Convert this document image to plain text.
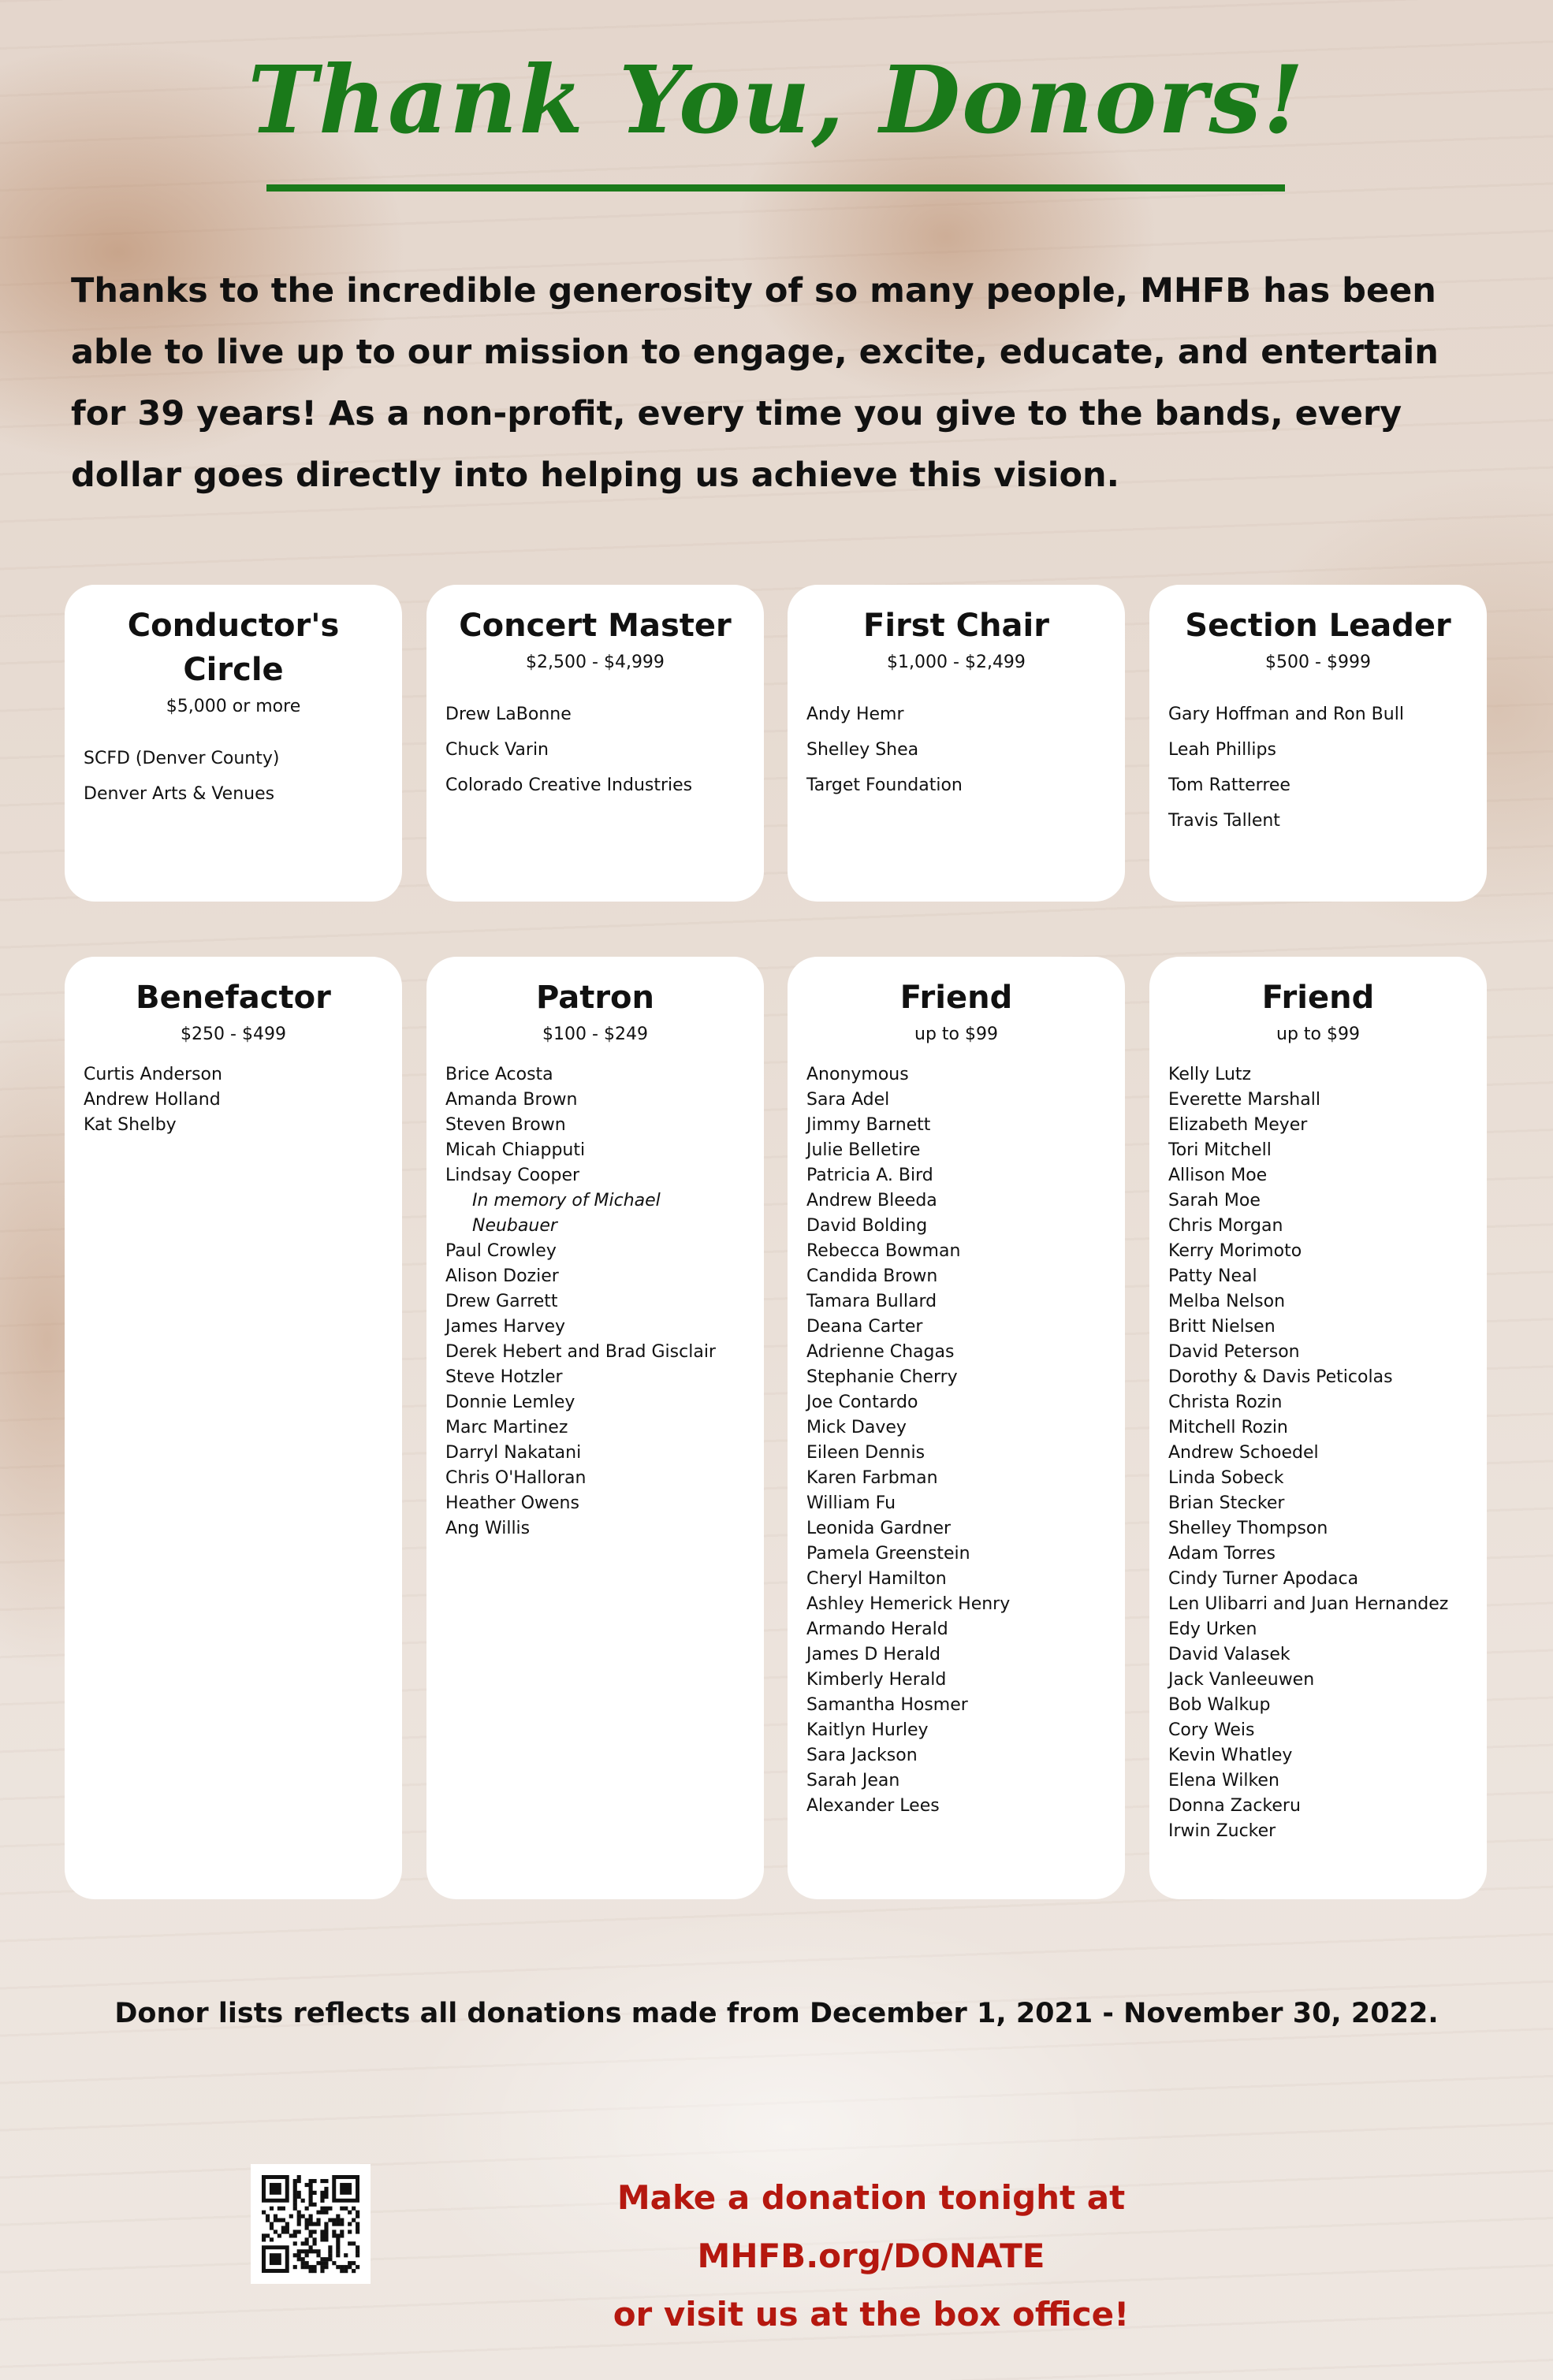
Thank You, Donors!
Thanks to the incredible generosity of so many people, MHFB has been able to live up to our mission to engage, excite, educate, and entertain for 39 years! As a non-profit, every time you give to the bands, every dollar goes directly into helping us achieve this vision.
Conductor's Circle
$5,000 or more
SCFD (Denver County)
Denver Arts & Venues
Concert Master
$2,500 - $4,999
Drew LaBonne
Chuck Varin
Colorado Creative Industries
First Chair
$1,000 - $2,499
Andy Hemr
Shelley Shea
Target Foundation
Section Leader
$500 - $999
Gary Hoffman and Ron Bull
Leah Phillips
Tom Ratterree
Travis Tallent
Benefactor
$250 - $499
Curtis Anderson
Andrew Holland
Kat Shelby
Patron
$100 - $249
Brice Acosta
Amanda Brown
Steven Brown
Micah Chiapputi
Lindsay Cooper
In memory of Michael Neubauer
Paul Crowley
Alison Dozier
Drew Garrett
James Harvey
Derek Hebert and Brad Gisclair
Steve Hotzler
Donnie Lemley
Marc Martinez
Darryl Nakatani
Chris O'Halloran
Heather Owens
Ang Willis
Friend
up to $99
Anonymous
Sara Adel
Jimmy Barnett
Julie Belletire
Patricia A. Bird
Andrew Bleeda
David Bolding
Rebecca Bowman
Candida Brown
Tamara Bullard
Deana Carter
Adrienne Chagas
Stephanie Cherry
Joe Contardo
Mick Davey
Eileen Dennis
Karen Farbman
William Fu
Leonida Gardner
Pamela Greenstein
Cheryl Hamilton
Ashley Hemerick Henry
Armando Herald
James D Herald
Kimberly Herald
Samantha Hosmer
Kaitlyn Hurley
Sara Jackson
Sarah Jean
Alexander Lees
Friend
up to $99
Kelly Lutz
Everette Marshall
Elizabeth Meyer
Tori Mitchell
Allison Moe
Sarah Moe
Chris Morgan
Kerry Morimoto
Patty Neal
Melba Nelson
Britt Nielsen
David Peterson
Dorothy & Davis Peticolas
Christa Rozin
Mitchell Rozin
Andrew Schoedel
Linda Sobeck
Brian Stecker
Shelley Thompson
Adam Torres
Cindy Turner Apodaca
Len Ulibarri and Juan Hernandez
Edy Urken
David Valasek
Jack Vanleeuwen
Bob Walkup
Cory Weis
Kevin Whatley
Elena Wilken
Donna Zackeru
Irwin Zucker
Donor lists reflects all donations made from December 1, 2021 - November 30, 2022.
Make a donation tonight at MHFB.org/DONATE
or visit us at the box office!
